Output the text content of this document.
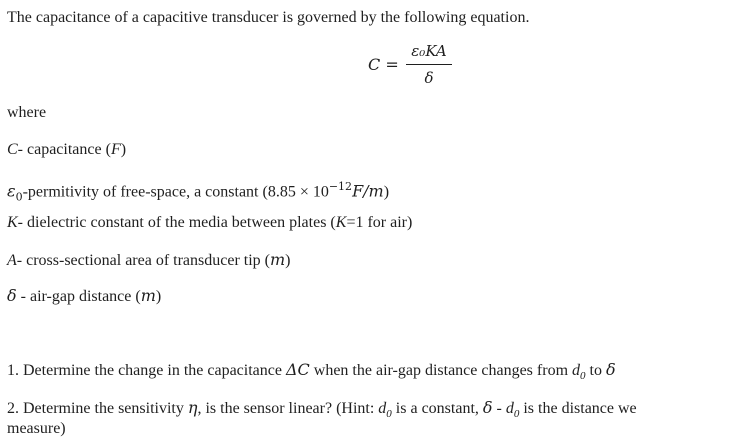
The capacitance of a capacitive transducer is governed by the following equation.
C =
ε₀KA
δ
where
C- capacitance (F)
$\varepsilon_0$-permitivity of free-space, a constant $(8.85 \times 10^{-12}F/m)$
K- dielectric constant of the media between plates (K=1 for air)
A- cross-sectional area of transducer tip (m)
δ - air-gap distance (m)
1. Determine the change in the capacitance ΔC when the air-gap distance changes from $d_0$ to δ
2. Determine the sensitivity η, is the sensor linear? (Hint: $d_0$ is a constant, δ - $d_0$ is the distance we
measure)
